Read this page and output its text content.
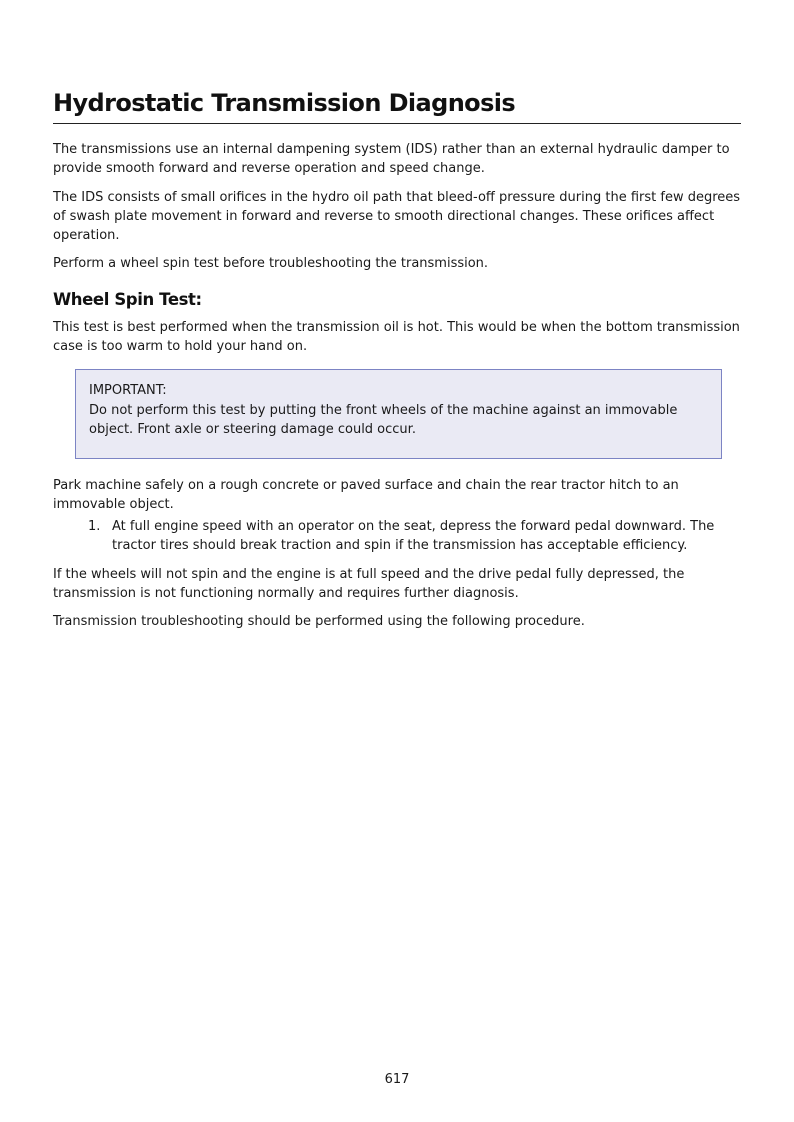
Hydrostatic Transmission Diagnosis

The transmissions use an internal dampening system (IDS) rather than an external hydraulic damper to provide smooth forward and reverse operation and speed change.

The IDS consists of small orifices in the hydro oil path that bleed-off pressure during the first few degrees of swash plate movement in forward and reverse to smooth directional changes. These orifices affect operation.

Perform a wheel spin test before troubleshooting the transmission.

Wheel Spin Test:

This test is best performed when the transmission oil is hot. This would be when the bottom transmission case is too warm to hold your hand on.

IMPORTANT:

Do not perform this test by putting the front wheels of the machine against an immovable object. Front axle or steering damage could occur.

Park machine safely on a rough concrete or paved surface and chain the rear tractor hitch to an immovable object.

1. At full engine speed with an operator on the seat, depress the forward pedal downward. The tractor tires should break traction and spin if the transmission has acceptable efficiency.

If the wheels will not spin and the engine is at full speed and the drive pedal fully depressed, the transmission is not functioning normally and requires further diagnosis.

Transmission troubleshooting should be performed using the following procedure.

617
